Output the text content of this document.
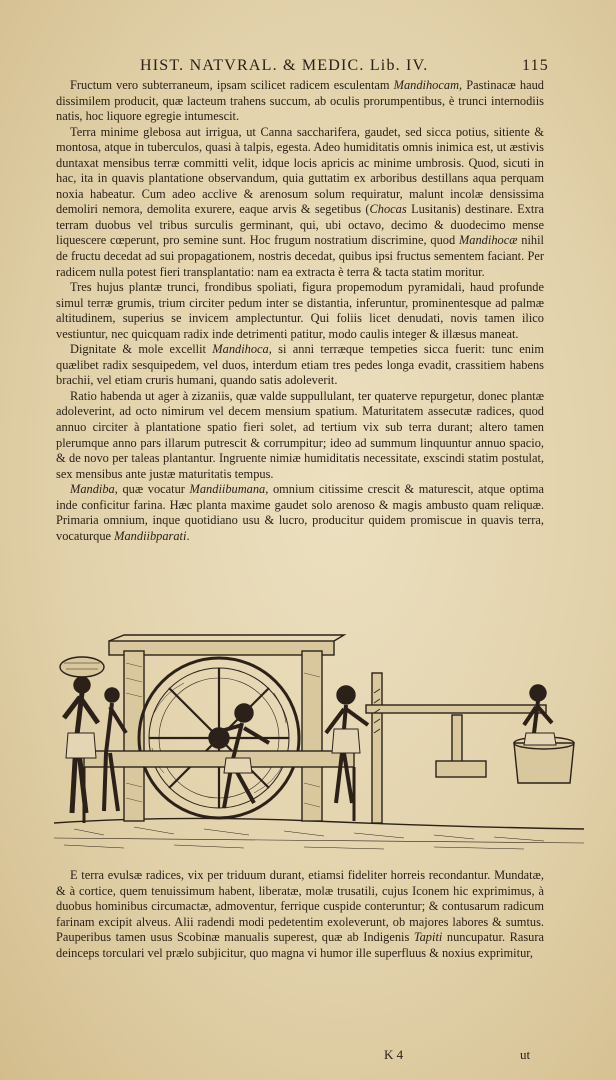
HIST. NATVRAL. & MEDIC. Lib. IV.	115

Fructum vero subterraneum, ipsam scilicet radicem esculentam Mandihocam, Pastinacæ haud dissimilem producit, quæ lacteum trahens succum, ab oculis prorumpentibus, è trunci internodiis natis, hoc liquore egregie intumescit.

Terra minime glebosa aut irrigua, ut Canna saccharifera, gaudet, sed sicca potius, sitiente & montosa, atque in tuberculos, quasi à talpis, egesta. Adeo humiditatis omnis inimica est, ut æstivis duntaxat mensibus terræ committi velit, idque locis apricis ac minime umbrosis. Quod, sicuti in hac, ita in quavis plantatione observandum, quia guttatim ex arboribus destillans aqua perquam noxia habeatur. Cum adeo acclive & arenosum solum requiratur, malunt incolæ densissima demoliri nemora, demolita exurere, eaque arvis & segetibus (Chocas Lusitanis) destinare. Extra terram duobus vel tribus surculis germinant, qui, ubi octavo, decimo & duodecimo mense liquescere cœperunt, pro semine sunt. Hoc frugum nostratium discrimine, quod Mandihocæ nihil de fructu decedat ad sui propagationem, nostris decedat, quibus ipsi fructus sementem faciant. Per radicem nulla potest fieri transplantatio: nam ea extracta è terra & tacta statim moritur.

Tres hujus plantæ trunci, frondibus spoliati, figura propemodum pyramidali, haud profunde simul terræ grumis, trium circiter pedum inter se distantia, inferuntur, prominentesque ad palmæ altitudinem, superius se invicem amplectuntur. Qui foliis licet denudati, novis tamen ilico vestiuntur, nec quicquam radix inde detrimenti patitur, modo caulis integer & illæsus maneat.

Dignitate & mole excellit Mandihoca, si anni terræque tempeties sicca fuerit: tunc enim quælibet radix sesquipedem, vel duos, interdum etiam tres pedes longa evadit, crassitiem habens brachii, vel etiam cruris humani, quando satis adoleverit.

Ratio habenda ut ager à zizaniis, quæ valde suppullulant, ter quaterve repurgetur, donec plantæ adoleverint, ad octo nimirum vel decem mensium spatium. Maturitatem assecutæ radices, quod annuo circiter à plantatione spatio fieri solet, ad tertium vix sub terra durant; altero tamen plerumque anno pars illarum putrescit & corrumpitur; ideo ad summum linquuntur annuo spacio, & de novo per taleas plantantur. Ingruente nimiæ humiditatis necessitate, exscindi statim postulat, sex mensibus ante justæ maturitatis tempus.

Mandiba, quæ vocatur Mandiibumana, omnium citissime crescit & maturescit, atque optima inde conficitur farina. Hæc planta maxime gaudet solo arenoso & magis ambusto quam reliquæ. Primaria omnium, inque quotidiano usu & lucro, producitur quidem promiscue in quavis terra, vocaturque Mandiibparati.

E terra evulsæ radices, vix per triduum durant, etiamsi fideliter horreis recondantur. Mundatæ, & à cortice, quem tenuissimum habent, liberatæ, molæ trusatili, cujus Iconem hic exprimimus, à duobus hominibus circumactæ, admoventur, ferrique cuspide conteruntur; & contusarum radicum farinam excipit alveus. Alii radendi modi pedetentim exoleverunt, ob majores labores & sumtus. Pauperibus tamen usus Scobinæ manualis superest, quæ ab Indigenis Tapiti nuncupatur. Rasura deinceps torculari vel prælo subjicitur, quo magna vi humor ille superfluus & noxius exprimitur,

K 4	ut
